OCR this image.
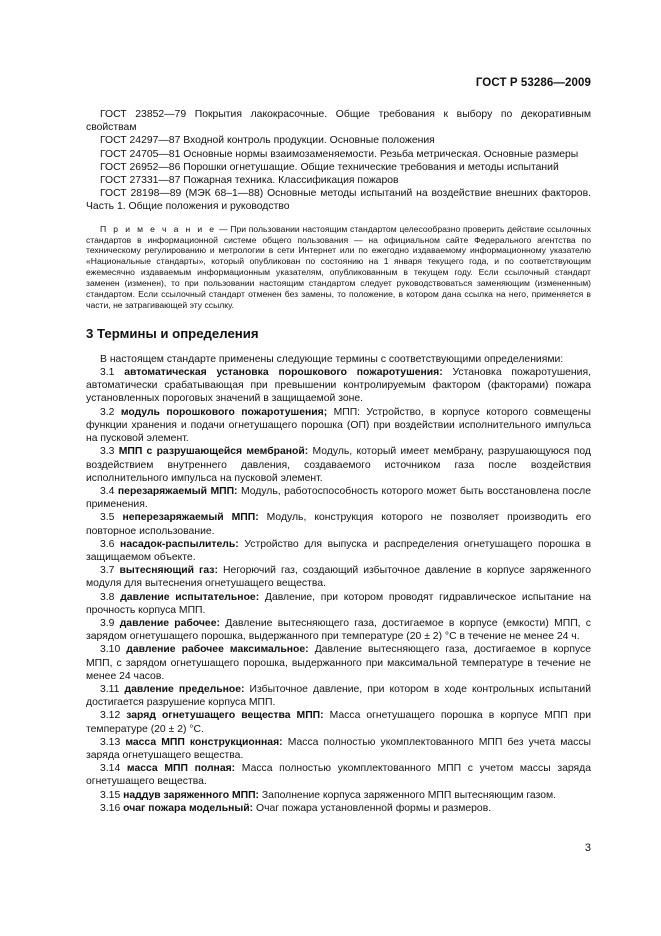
ГОСТ Р 53286—2009

ГОСТ 23852—79 Покрытия лакокрасочные. Общие требования к выбору по декоративным свойствам

ГОСТ 24297—87 Входной контроль продукции. Основные положения

ГОСТ 24705—81 Основные нормы взаимозаменяемости. Резьба метрическая. Основные размеры

ГОСТ 26952—86 Порошки огнетушащие. Общие технические требования и методы испытаний

ГОСТ 27331—87 Пожарная техника. Классификация пожаров

ГОСТ 28198—89 (МЭК 68–1—88) Основные методы испытаний на воздействие внешних факторов. Часть 1. Общие положения и руководство

П р и м е ч а н и е — При пользовании настоящим стандартом целесообразно проверить действие ссылочных стандартов в информационной системе общего пользования — на официальном сайте Федерального агентства по техническому регулированию и метрологии в сети Интернет или по ежегодно издаваемому информационному указателю «Национальные стандарты», который опубликован по состоянию на 1 января текущего года, и по соответствующим ежемесячно издаваемым информационным указателям, опубликованным в текущем году. Если ссылочный стандарт заменен (изменен), то при пользовании настоящим стандартом следует руководствоваться заменяющим (измененным) стандартом. Если ссылочный стандарт отменен без замены, то положение, в котором дана ссылка на него, применяется в части, не затрагивающей эту ссылку.

3 Термины и определения

В настоящем стандарте применены следующие термины с соответствующими определениями:

3.1 автоматическая установка порошкового пожаротушения: Установка пожаротушения, автоматически срабатывающая при превышении контролируемым фактором (факторами) пожара установленных пороговых значений в защищаемой зоне.

3.2 модуль порошкового пожаротушения; МПП: Устройство, в корпусе которого совмещены функции хранения и подачи огнетушащего порошка (ОП) при воздействии исполнительного импульса на пусковой элемент.

3.3 МПП с разрушающейся мембраной: Модуль, который имеет мембрану, разрушающуюся под воздействием внутреннего давления, создаваемого источником газа после воздействия исполнительного импульса на пусковой элемент.

3.4 перезаряжаемый МПП: Модуль, работоспособность которого может быть восстановлена после применения.

3.5 неперезаряжаемый МПП: Модуль, конструкция которого не позволяет производить его повторное использование.

3.6 насадок-распылитель: Устройство для выпуска и распределения огнетушащего порошка в защищаемом объекте.

3.7 вытесняющий газ: Негорючий газ, создающий избыточное давление в корпусе заряженного модуля для вытеснения огнетушащего вещества.

3.8 давление испытательное: Давление, при котором проводят гидравлическое испытание на прочность корпуса МПП.

3.9 давление рабочее: Давление вытесняющего газа, достигаемое в корпусе (емкости) МПП, с зарядом огнетушащего порошка, выдержанного при температуре (20 ± 2) °С в течение не менее 24 ч.

3.10 давление рабочее максимальное: Давление вытесняющего газа, достигаемое в корпусе МПП, с зарядом огнетушащего порошка, выдержанного при максимальной температуре в течение не менее 24 часов.

3.11 давление предельное: Избыточное давление, при котором в ходе контрольных испытаний достигается разрушение корпуса МПП.

3.12 заряд огнетушащего вещества МПП: Масса огнетушащего порошка в корпусе МПП при температуре (20 ± 2) °С.

3.13 масса МПП конструкционная: Масса полностью укомплектованного МПП без учета массы заряда огнетушащего вещества.

3.14 масса МПП полная: Масса полностью укомплектованного МПП с учетом массы заряда огнетушащего вещества.

3.15 наддув заряженного МПП: Заполнение корпуса заряженного МПП вытесняющим газом.

3.16 очаг пожара модельный: Очаг пожара установленной формы и размеров.

3
